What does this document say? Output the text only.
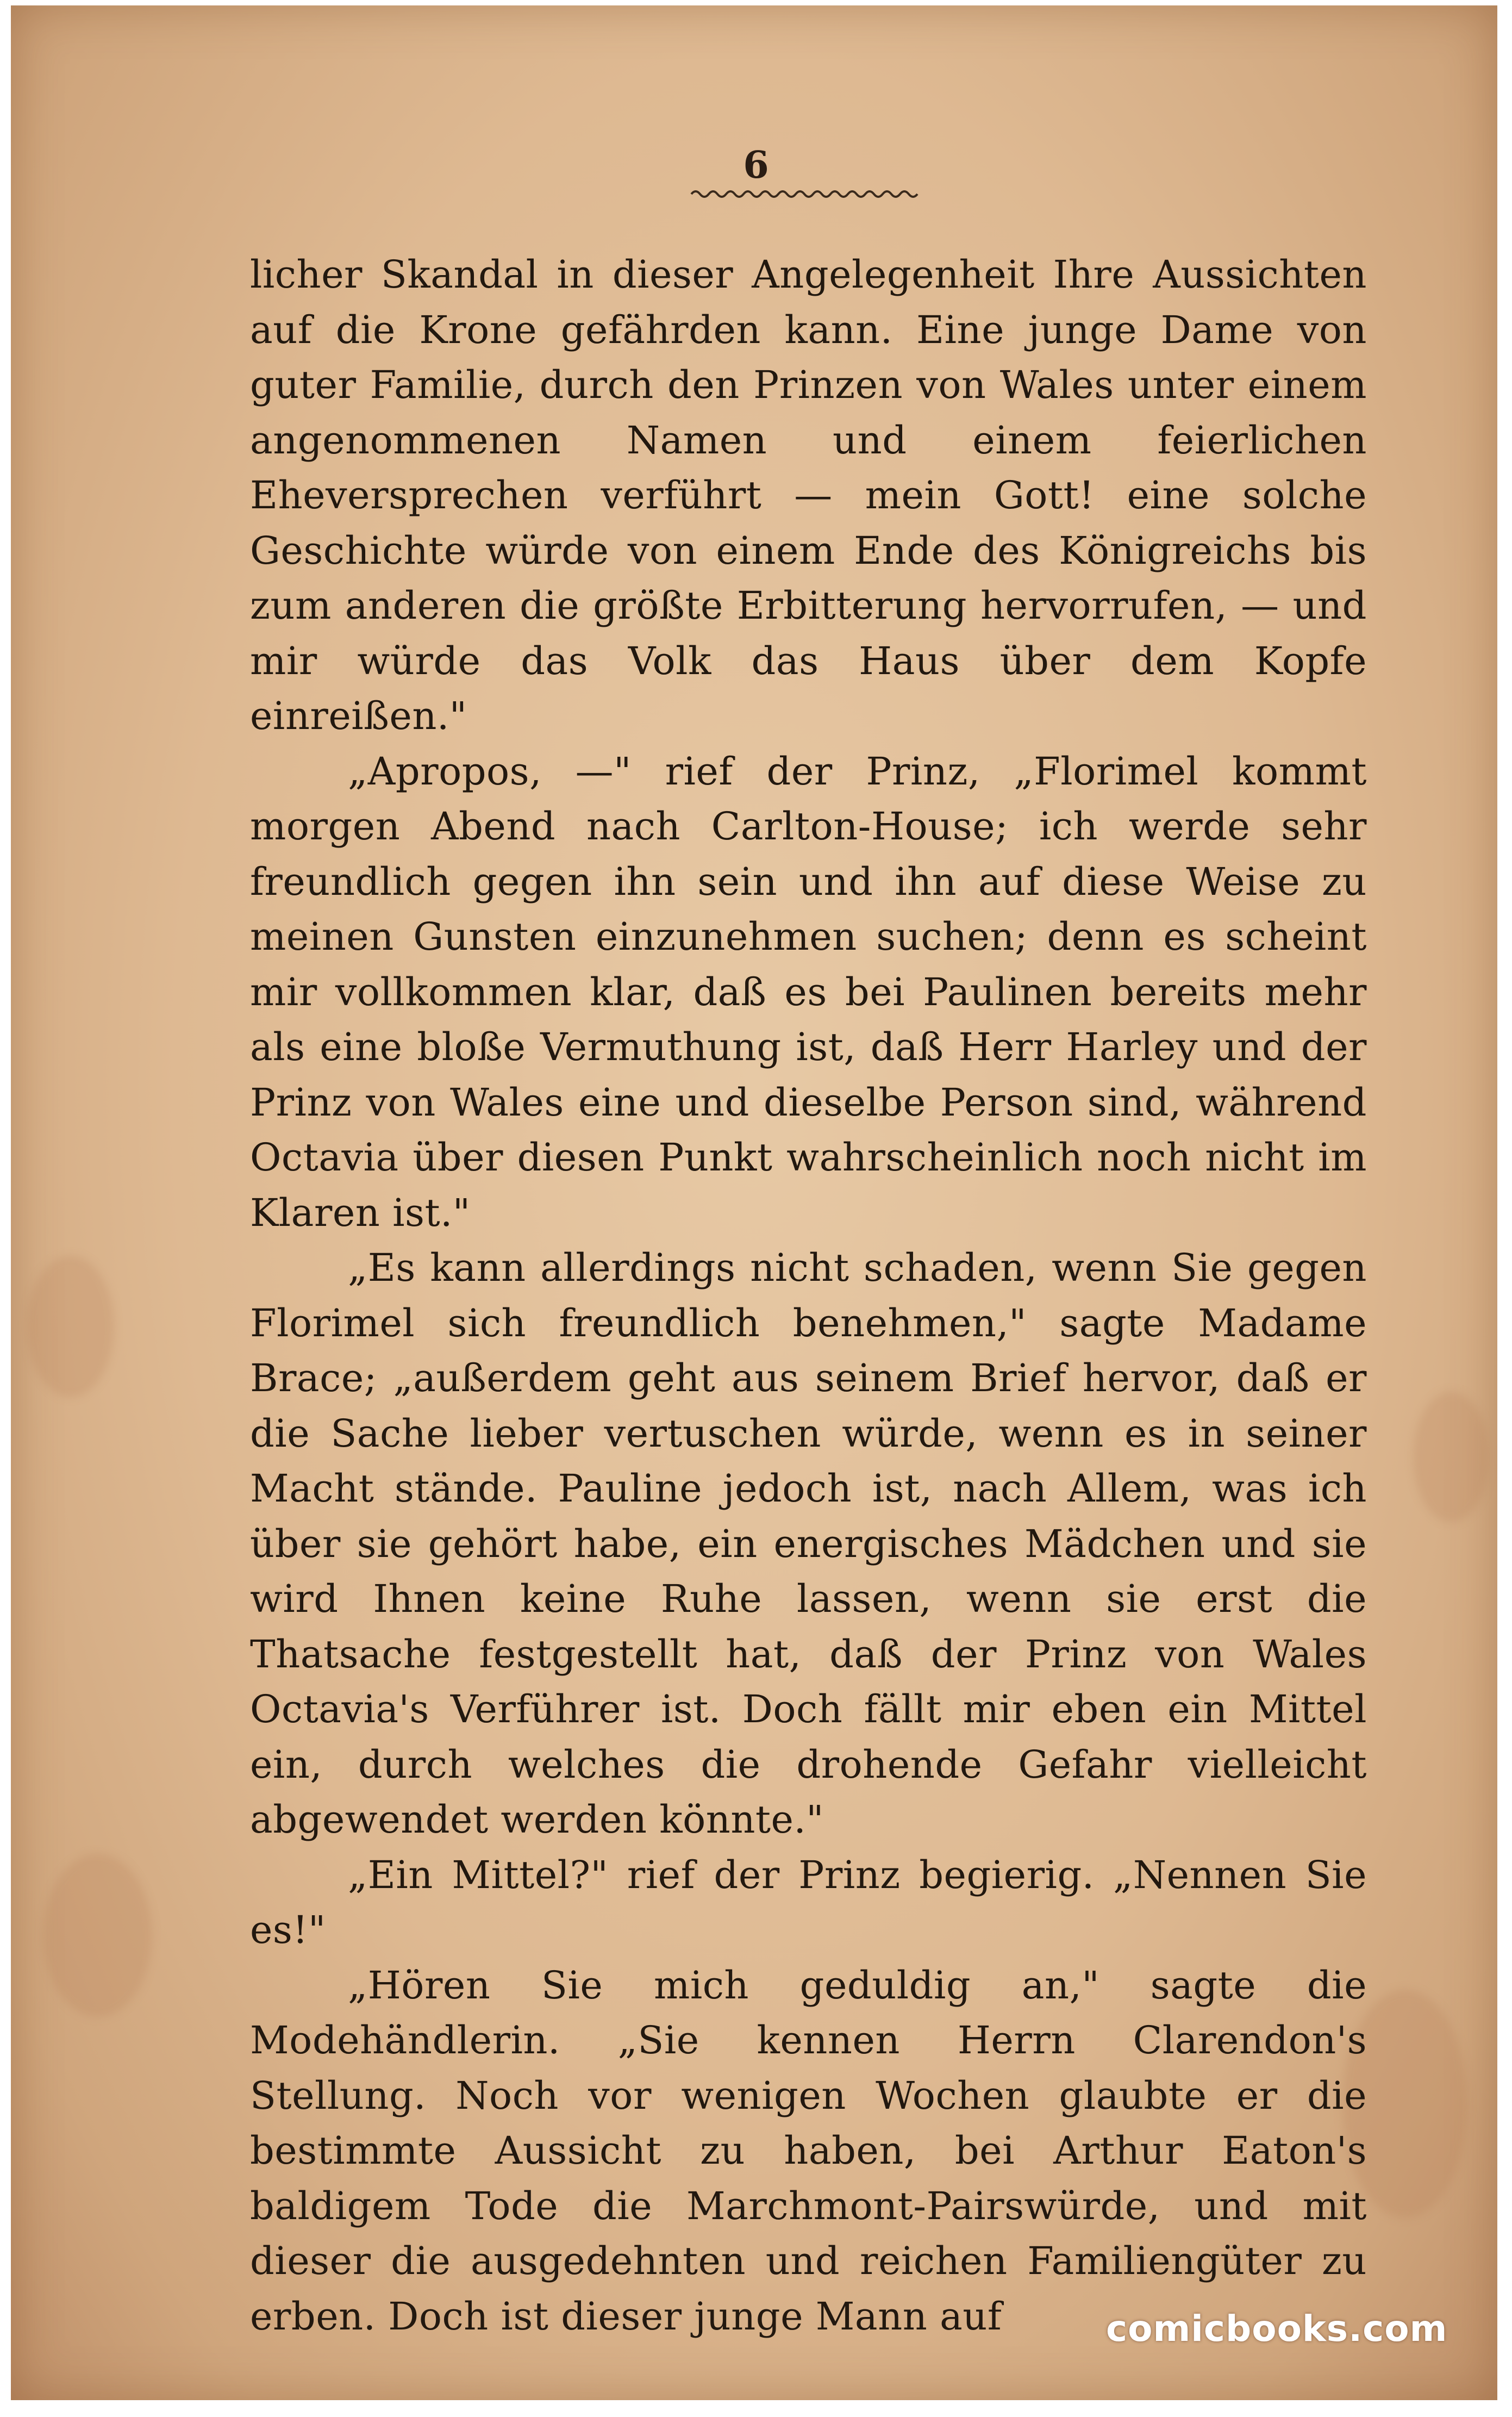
6

licher Skandal in dieser Angelegenheit Ihre Aussichten auf die Krone gefährden kann. Eine junge Dame von guter Familie, durch den Prinzen von Wales unter einem angenommenen Namen und einem feierlichen Eheversprechen verführt — mein Gott! eine solche Geschichte würde von einem Ende des Königreichs bis zum anderen die größte Erbitterung hervorrufen, — und mir würde das Volk das Haus über dem Kopfe einreißen."

„Apropos, —" rief der Prinz, „Florimel kommt morgen Abend nach Carlton-House; ich werde sehr freundlich gegen ihn sein und ihn auf diese Weise zu meinen Gunsten einzunehmen suchen; denn es scheint mir vollkommen klar, daß es bei Paulinen bereits mehr als eine bloße Vermuthung ist, daß Herr Harley und der Prinz von Wales eine und dieselbe Person sind, während Octavia über diesen Punkt wahrscheinlich noch nicht im Klaren ist."

„Es kann allerdings nicht schaden, wenn Sie gegen Florimel sich freundlich benehmen," sagte Madame Brace; „außerdem geht aus seinem Brief hervor, daß er die Sache lieber vertuschen würde, wenn es in seiner Macht stände. Pauline jedoch ist, nach Allem, was ich über sie gehört habe, ein energisches Mädchen und sie wird Ihnen keine Ruhe lassen, wenn sie erst die Thatsache festgestellt hat, daß der Prinz von Wales Octavia's Verführer ist. Doch fällt mir eben ein Mittel ein, durch welches die drohende Gefahr vielleicht abgewendet werden könnte."

„Ein Mittel?" rief der Prinz begierig. „Nennen Sie es!"

„Hören Sie mich geduldig an," sagte die Modehändlerin. „Sie kennen Herrn Clarendon's Stellung. Noch vor wenigen Wochen glaubte er die bestimmte Aussicht zu haben, bei Arthur Eaton's baldigem Tode die Marchmont-Pairswürde, und mit dieser die ausgedehnten und reichen Familiengüter zu erben. Doch ist dieser junge Mann auf	comicbooks.com
